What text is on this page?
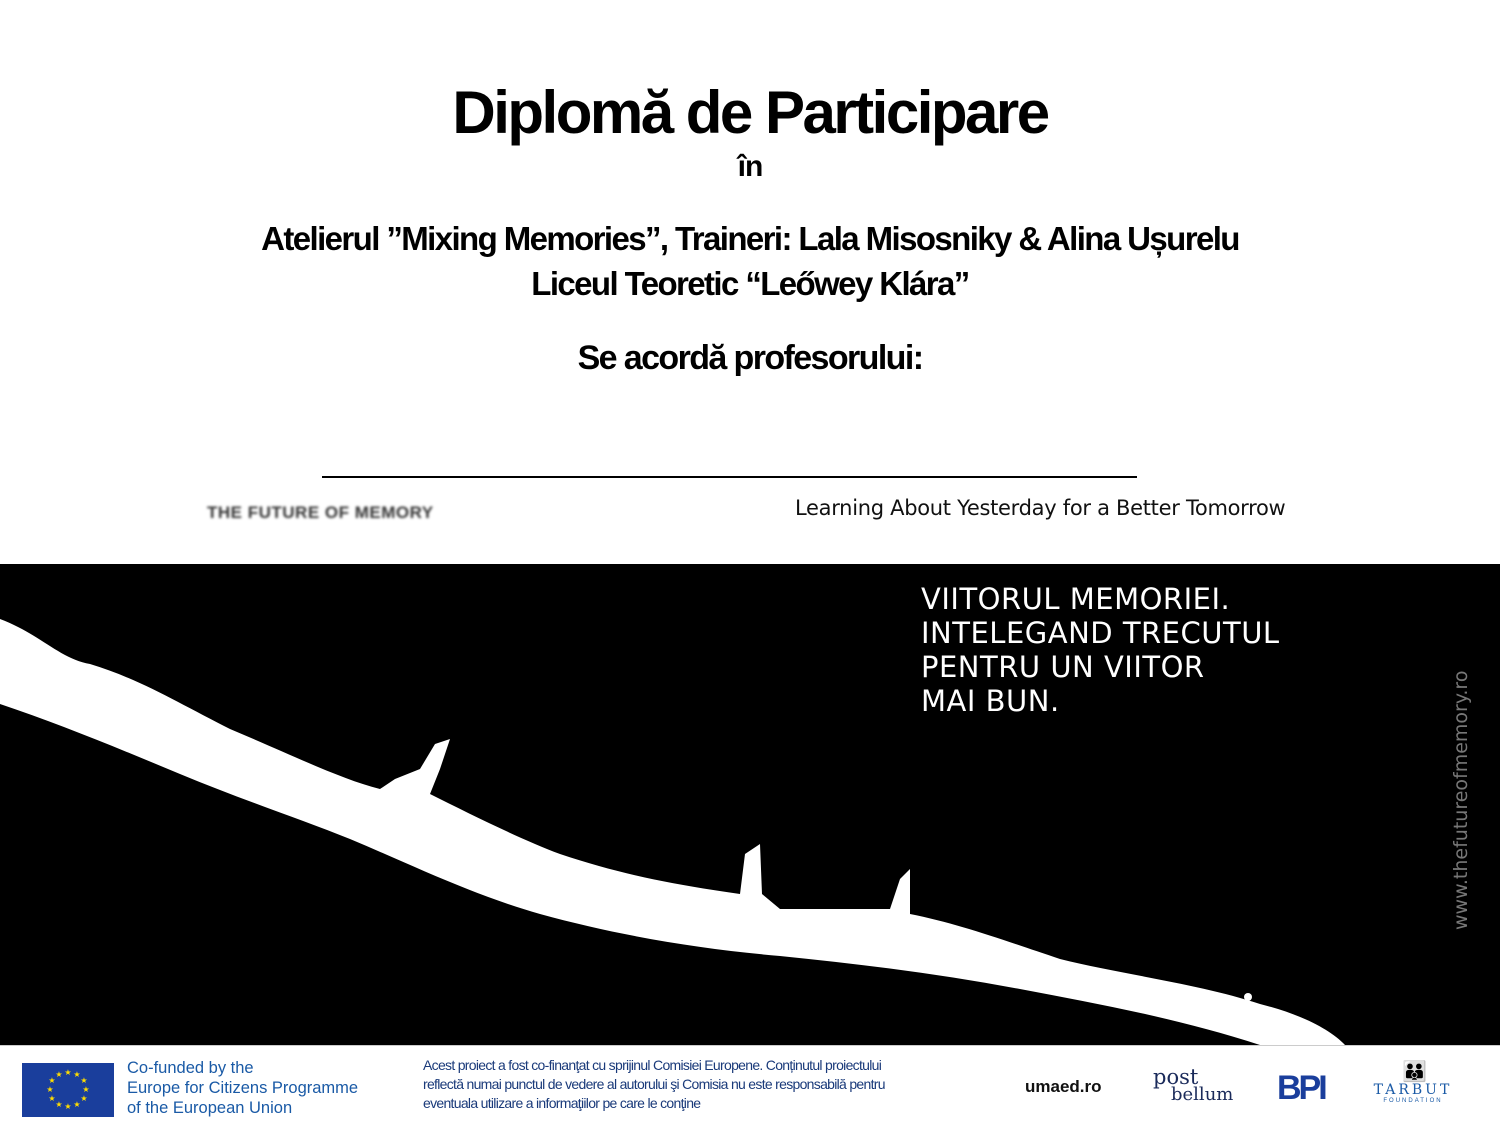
Diplomă de Participare
în
Atelierul ”Mixing Memories”, Traineri: Lala Misosniky & Alina Ușurelu
Liceul Teoretic “Leőwey Klára”
Se acordă profesorului:
THE FUTURE OF MEMORY	Learning About Yesterday for a Better Tomorrow
VIITORUL MEMORIEI.
INTELEGAND TRECUTUL
PENTRU UN VIITOR
MAI BUN.	www.thefutureofmemory.ro
★ ★
★
★
★
★
★
★
★
★
★
★	Co-funded by the
Europe for Citizens Programme
of the European Union
Acest proiect a fost co-finanţat cu sprijinul Comisiei Europene. Conținutul proiectului
reflectă numai punctul de vedere al autorului şi Comisia nu este responsabilă pentru
eventuala utilizare a informaţiilor pe care le conţine
umaed.ro post
bellum BPI	👪
TARBUT
FOUNDATION
